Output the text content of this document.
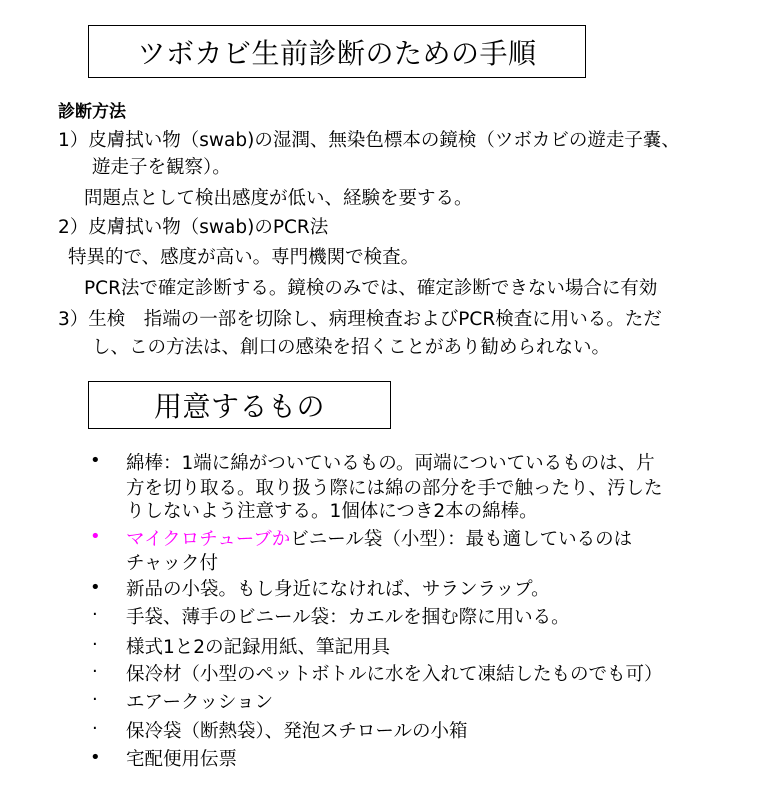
ツボカビ生前診断のための手順
診断方法
1）皮膚拭い物（swab)の湿潤、無染色標本の鏡検（ツボカビの遊走子嚢、
遊走子を観察）。
問題点として検出感度が低い、経験を要する。
2）皮膚拭い物（swab)のPCR法
特異的で、感度が高い。専門機関で検査。
PCR法で確定診断する。鏡検のみでは、確定診断できない場合に有効
3）生検　指端の一部を切除し、病理検査およびPCR検査に用いる。ただ
し、この方法は、創口の感染を招くことがあり勧められない。
用意するもの
• 綿棒：1端に綿がついているもの。両端についているものは、片
方を切り取る。取り扱う際には綿の部分を手で触ったり、汚した
りしないよう注意する。1個体につき2本の綿棒。
• マイクロチューブかビニール袋（小型）：最も適しているのは
チャック付
• 新品の小袋。もし身近になければ、サランラップ。
· 手袋、薄手のビニール袋：カエルを掴む際に用いる。
· 様式1と2の記録用紙、筆記用具
· 保冷材（小型のペットボトルに水を入れて凍結したものでも可）
· エアークッション
· 保冷袋（断熱袋）、発泡スチロールの小箱
• 宅配便用伝票
